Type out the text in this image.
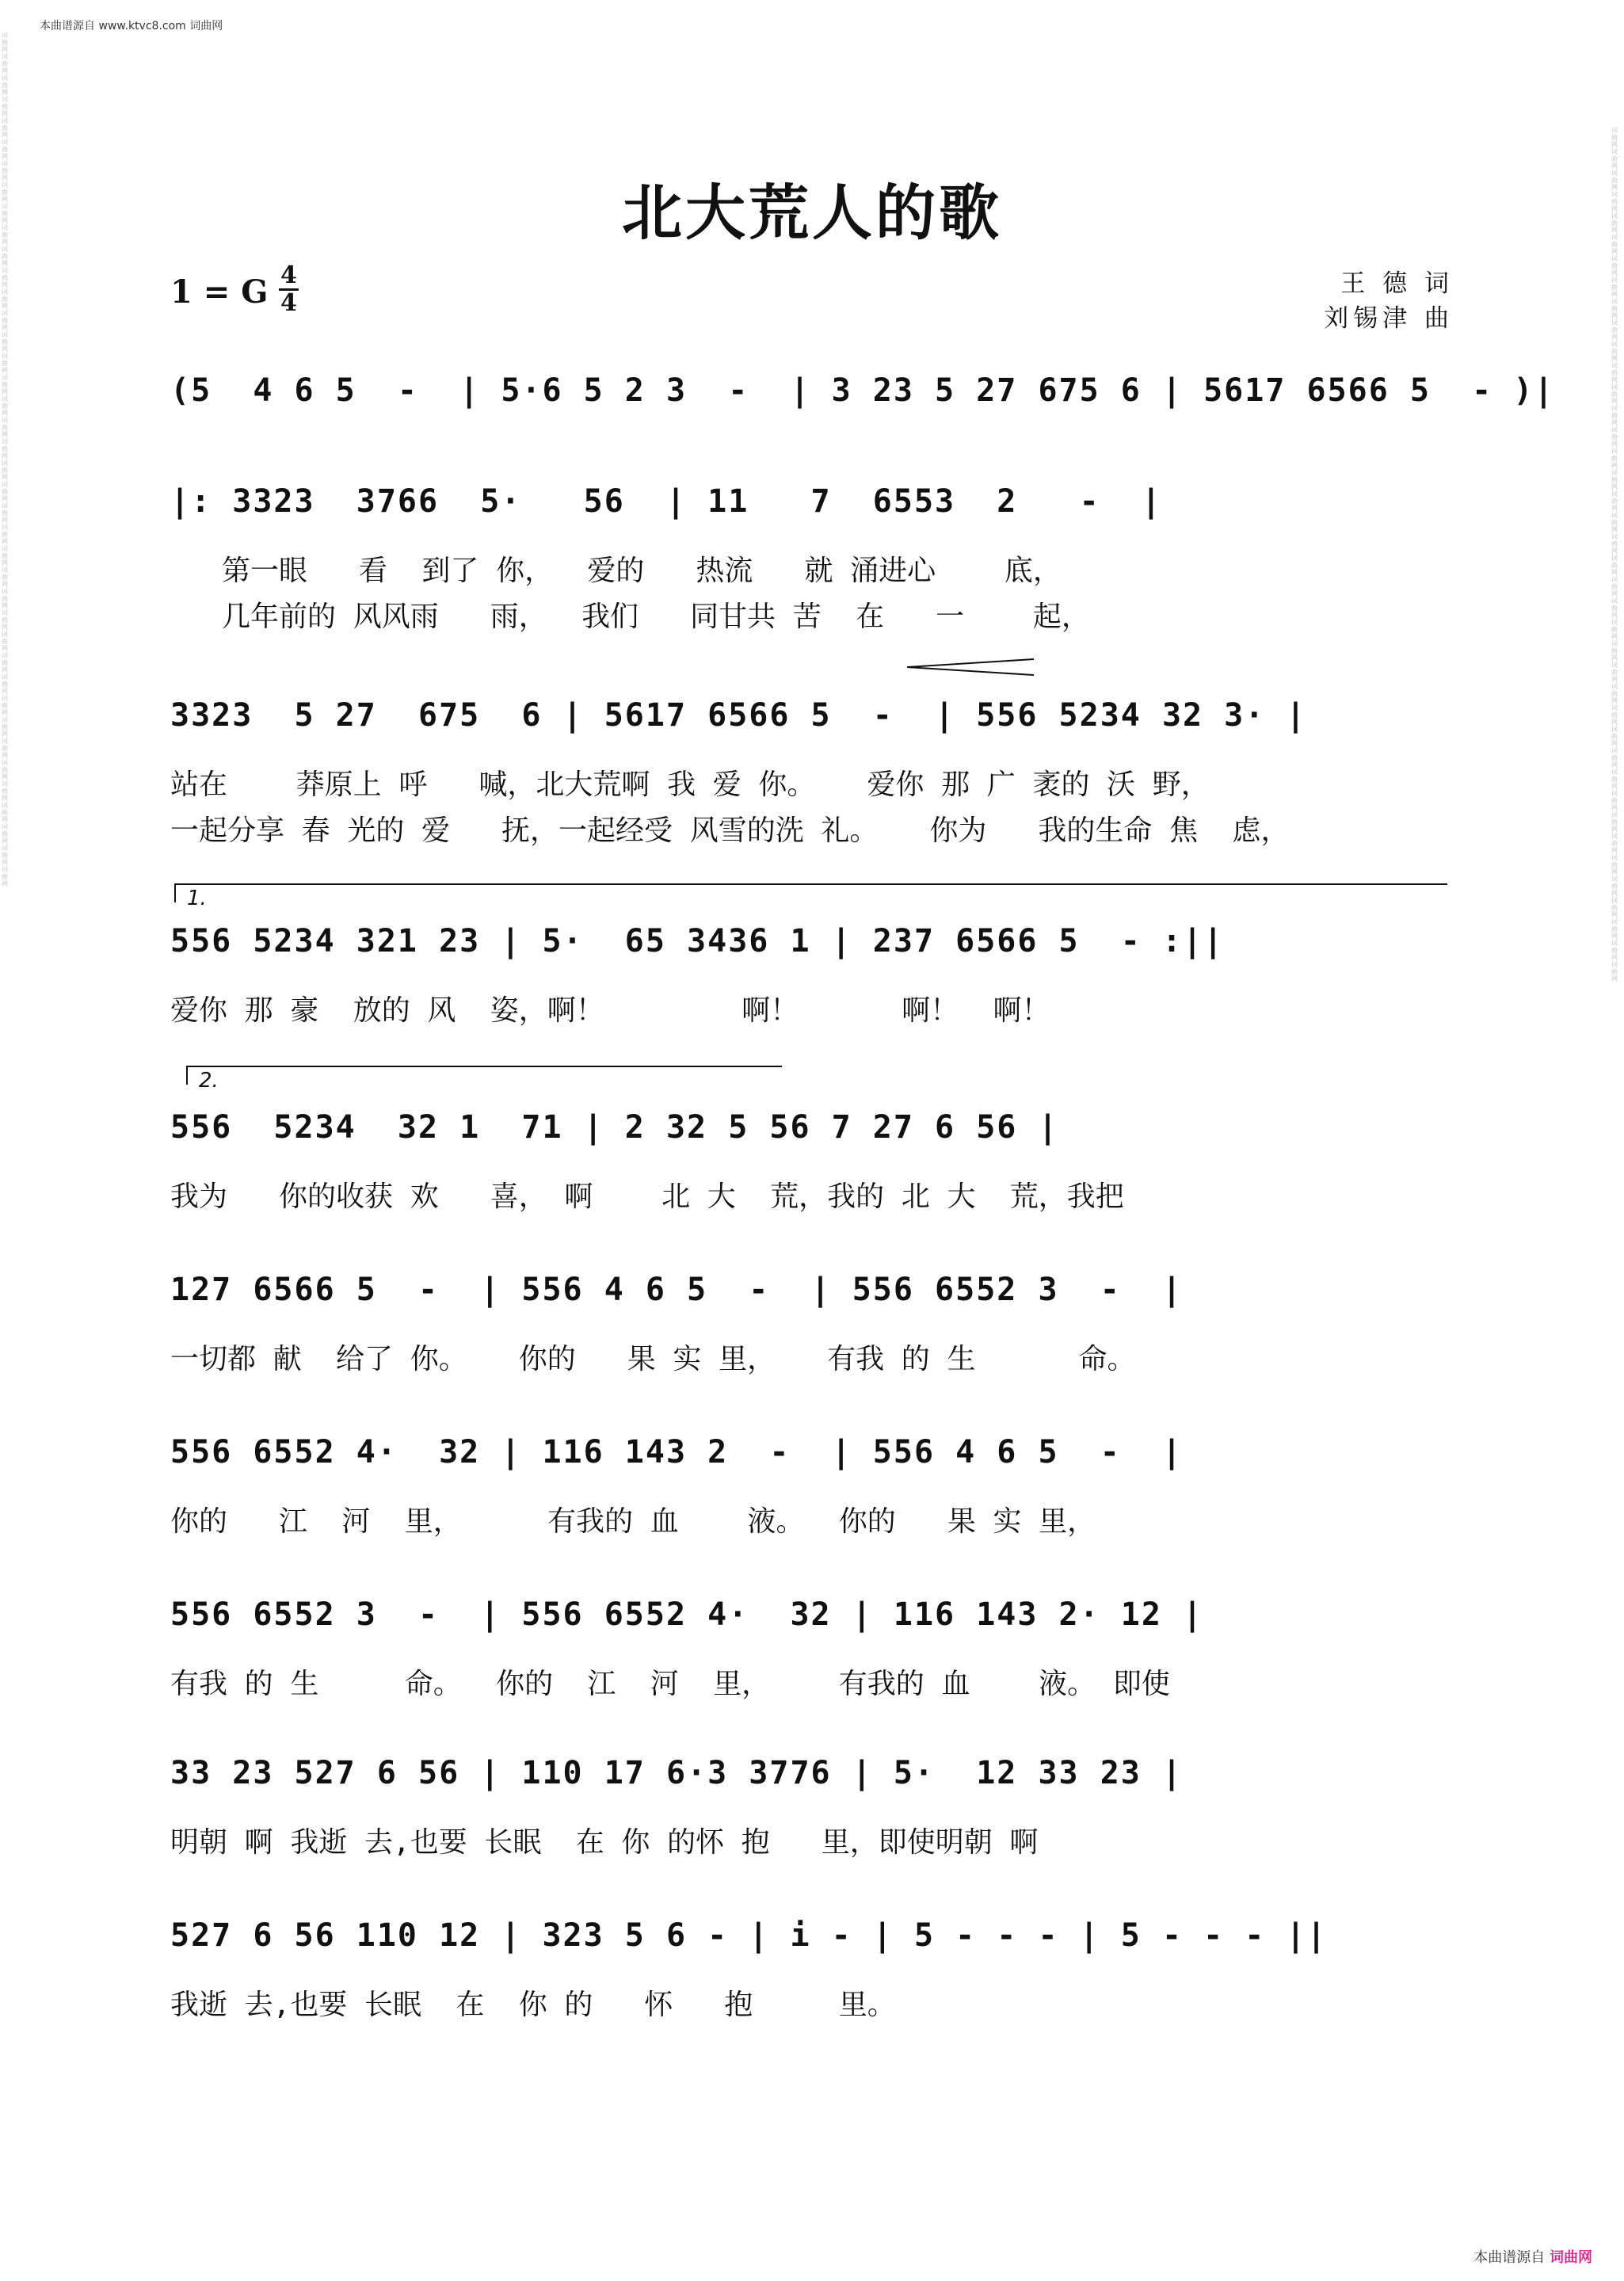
本曲谱源自 www.ktvc8.com 词曲网
词曲网词曲网词曲网词曲网词曲网词曲网词曲网词曲网词曲网词曲网词曲网词曲网词曲网词曲网词曲网词曲网词曲网词曲网词曲网词曲网词曲网词曲网词曲网词曲网词曲网词曲网词曲网词曲网词曲网词曲网词曲网词曲网词曲网词曲网词曲网词曲网词曲网词曲网词曲网词曲网
词曲网词曲网词曲网词曲网词曲网词曲网词曲网词曲网词曲网词曲网词曲网词曲网词曲网词曲网词曲网词曲网词曲网词曲网词曲网词曲网词曲网词曲网词曲网词曲网词曲网词曲网词曲网词曲网词曲网词曲网词曲网词曲网词曲网词曲网词曲网词曲网词曲网词曲网词曲网词曲网
北大荒人的歌
1 = G 4
4
王 德 词
刘锡津 曲
1.
2.
(5  4 6 5  -  | 5·6 5 2 3  -  | 3 23 5 27 675 6 | 5617 6566 5  - )|
|: 3323  3766  5·   56  | 11   7  6553  2   -  |
第一眼   看  到了 你，  爱的   热流   就 涌进心    底，
几年前的 风风雨   雨，  我们   同甘共 苦  在   一    起，
3323  5 27  675  6 | 5617 6566 5  -  | 556 5234 32 3· |
站在    莽原上 呼   喊，北大荒啊 我 爱 你。   爱你 那 广 袤的 沃 野，
一起分享 春 光的 爱   抚，一起经受 风雪的洗 礼。   你为   我的生命 焦  虑，
556 5234 321 23 | 5·  65 3436 1 | 237 6566 5  - :||
爱你 那 豪  放的 风  姿，啊！        啊！      啊！  啊！
556  5234  32 1  71 | 2 32 5 56 7 27 6 56 |
我为   你的收获 欢   喜， 啊    北 大  荒，我的 北 大  荒，我把
127 6566 5  -  | 556 4 6 5  -  | 556 6552 3  -  |
一切都 献  给了 你。   你的   果 实 里，   有我 的 生      命。
556 6552 4·  32 | 116 143 2  -  | 556 4 6 5  -  |
你的   江  河  里，     有我的 血    液。  你的   果 实 里，
556 6552 3  -  | 556 6552 4·  32 | 116 143 2· 12 |
有我 的 生     命。  你的  江  河  里，    有我的 血    液。 即使
33 23 527 6 56 | 110 17 6·3 3776 | 5·  12 33 23 |
明朝 啊 我逝 去,也要 长眠  在 你 的怀 抱   里，即使明朝 啊
527 6 56 110 12 | 323 5 6 - | i - | 5 - - - | 5 - - - ||
我逝 去,也要 长眠  在  你 的   怀   抱     里。
本曲谱源自 词曲网
